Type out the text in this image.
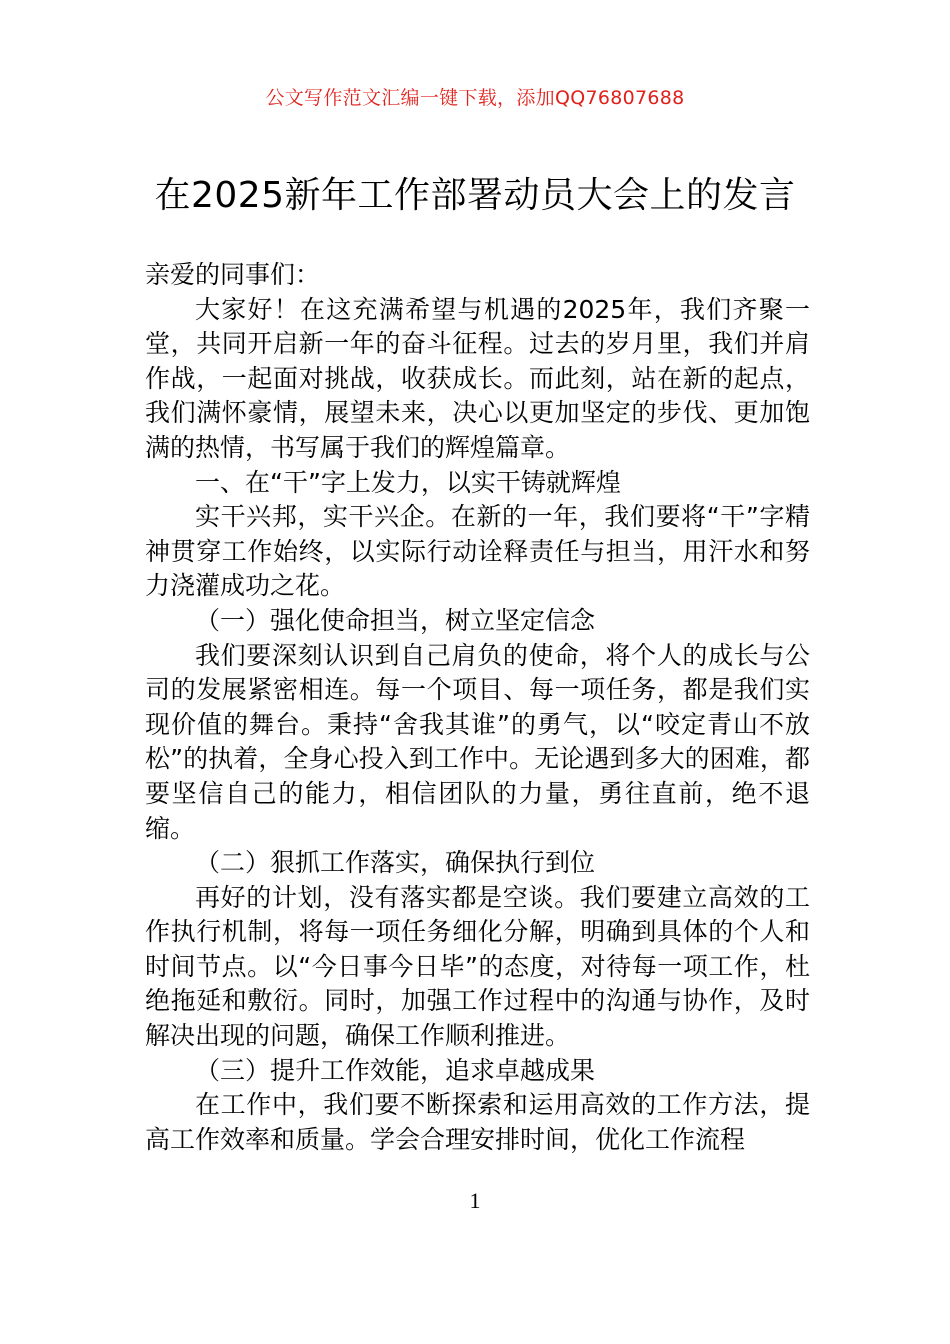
公文写作范文汇编一键下载，添加QQ76807688
在2025新年工作部署动员大会上的发言

亲爱的同事们：

大家好！在这充满希望与机遇的2025年，我们齐聚一堂，共同开启新一年的奋斗征程。过去的岁月里，我们并肩作战，一起面对挑战，收获成长。而此刻，站在新的起点，我们满怀豪情，展望未来，决心以更加坚定的步伐、更加饱满的热情，书写属于我们的辉煌篇章。

一、在“干”字上发力，以实干铸就辉煌

实干兴邦，实干兴企。在新的一年，我们要将“干”字精神贯穿工作始终，以实际行动诠释责任与担当，用汗水和努力浇灌成功之花。

（一）强化使命担当，树立坚定信念

我们要深刻认识到自己肩负的使命，将个人的成长与公司的发展紧密相连。每一个项目、每一项任务，都是我们实现价值的舞台。秉持“舍我其谁”的勇气，以“咬定青山不放松”的执着，全身心投入到工作中。无论遇到多大的困难，都要坚信自己的能力，相信团队的力量，勇往直前，绝不退缩。

（二）狠抓工作落实，确保执行到位

再好的计划，没有落实都是空谈。我们要建立高效的工作执行机制，将每一项任务细化分解，明确到具体的个人和时间节点。以“今日事今日毕”的态度，对待每一项工作，杜绝拖延和敷衍。同时，加强工作过程中的沟通与协作，及时解决出现的问题，确保工作顺利推进。

（三）提升工作效能，追求卓越成果

在工作中，我们要不断探索和运用高效的工作方法，提高工作效率和质量。学会合理安排时间，优化工作流程

1
